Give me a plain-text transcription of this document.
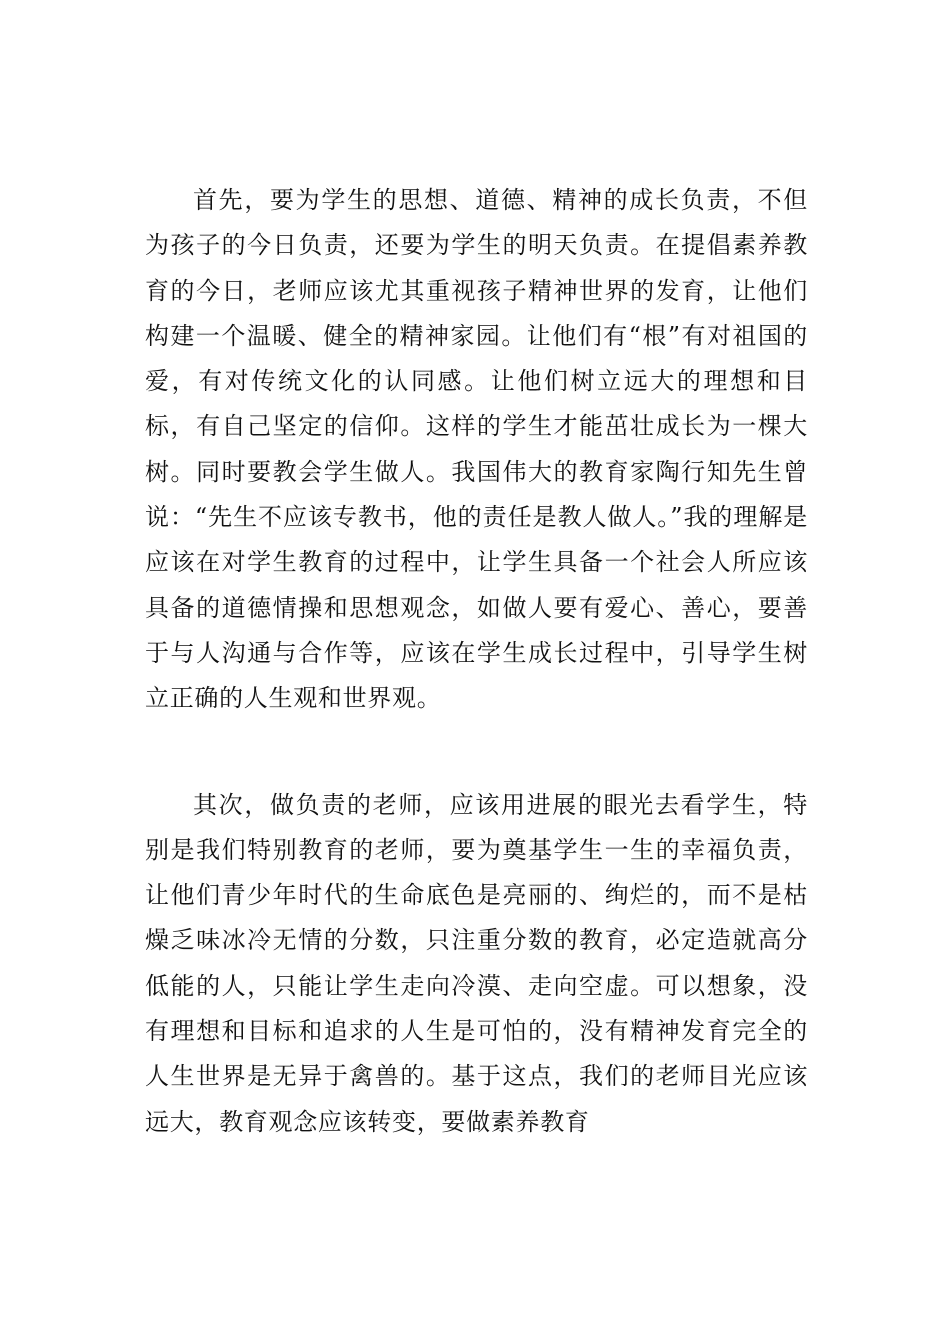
首先，要为学生的思想、道德、精神的成长负责，不但为孩子的今日负责，还要为学生的明天负责。在提倡素养教育的今日，老师应该尤其重视孩子精神世界的发育，让他们构建一个温暖、健全的精神家园。让他们有“根”有对祖国的爱，有对传统文化的认同感。让他们树立远大的理想和目标，有自己坚定的信仰。这样的学生才能茁壮成长为一棵大树。同时要教会学生做人。我国伟大的教育家陶行知先生曾说：“先生不应该专教书，他的责任是教人做人。”我的理解是应该在对学生教育的过程中，让学生具备一个社会人所应该具备的道德情操和思想观念，如做人要有爱心、善心，要善于与人沟通与合作等，应该在学生成长过程中，引导学生树立正确的人生观和世界观。

其次，做负责的老师，应该用进展的眼光去看学生，特别是我们特别教育的老师，要为奠基学生一生的幸福负责，让他们青少年时代的生命底色是亮丽的、绚烂的，而不是枯燥乏味冰冷无情的分数，只注重分数的教育，必定造就高分低能的人，只能让学生走向冷漠、走向空虚。可以想象，没有理想和目标和追求的人生是可怕的，没有精神发育完全的人生世界是无异于禽兽的。基于这点，我们的老师目光应该远大，教育观念应该转变，要做素养教育
